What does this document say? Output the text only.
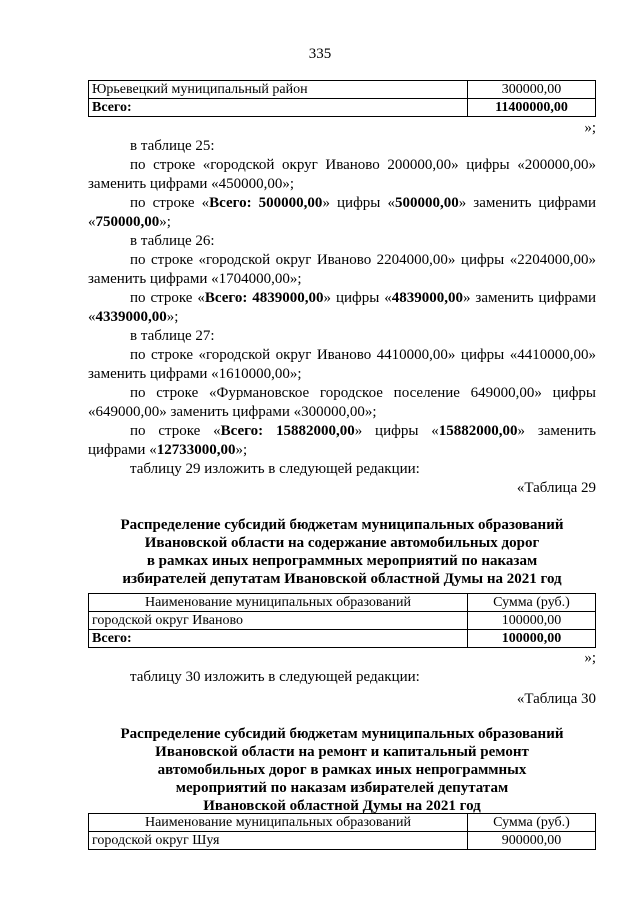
335
Юрьевецкий муниципальный район	300000,00
Всего:	11400000,00
»;
в таблице 25:
по строке «городской округ Иваново 200000,00» цифры «200000,00»
заменить цифрами «450000,00»;
по строке «Всего: 500000,00» цифры «500000,00» заменить цифрами
«750000,00»;
в таблице 26:
по строке «городской округ Иваново 2204000,00» цифры «2204000,00»
заменить цифрами «1704000,00»;
по строке «Всего: 4839000,00» цифры «4839000,00» заменить цифрами
«4339000,00»;
в таблице 27:
по строке «городской округ Иваново 4410000,00» цифры «4410000,00»
заменить цифрами «1610000,00»;
по строке «Фурмановское городское поселение 649000,00» цифры
«649000,00» заменить цифрами «300000,00»;
по строке «Всего: 15882000,00» цифры «15882000,00» заменить
цифрами «12733000,00»;
таблицу 29 изложить в следующей редакции:
«Таблица 29
Распределение субсидий бюджетам муниципальных образований
Ивановской области на содержание автомобильных дорог
в рамках иных непрограммных мероприятий по наказам
избирателей депутатам Ивановской областной Думы на 2021 год
Наименование муниципальных образований	Сумма (руб.)
городской округ Иваново	100000,00
Всего:	100000,00
»;
таблицу 30 изложить в следующей редакции:
«Таблица 30
Распределение субсидий бюджетам муниципальных образований
Ивановской области на ремонт и капитальный ремонт
автомобильных дорог в рамках иных непрограммных
мероприятий по наказам избирателей депутатам
Ивановской областной Думы на 2021 год
Наименование муниципальных образований	Сумма (руб.)
городской округ Шуя	900000,00
